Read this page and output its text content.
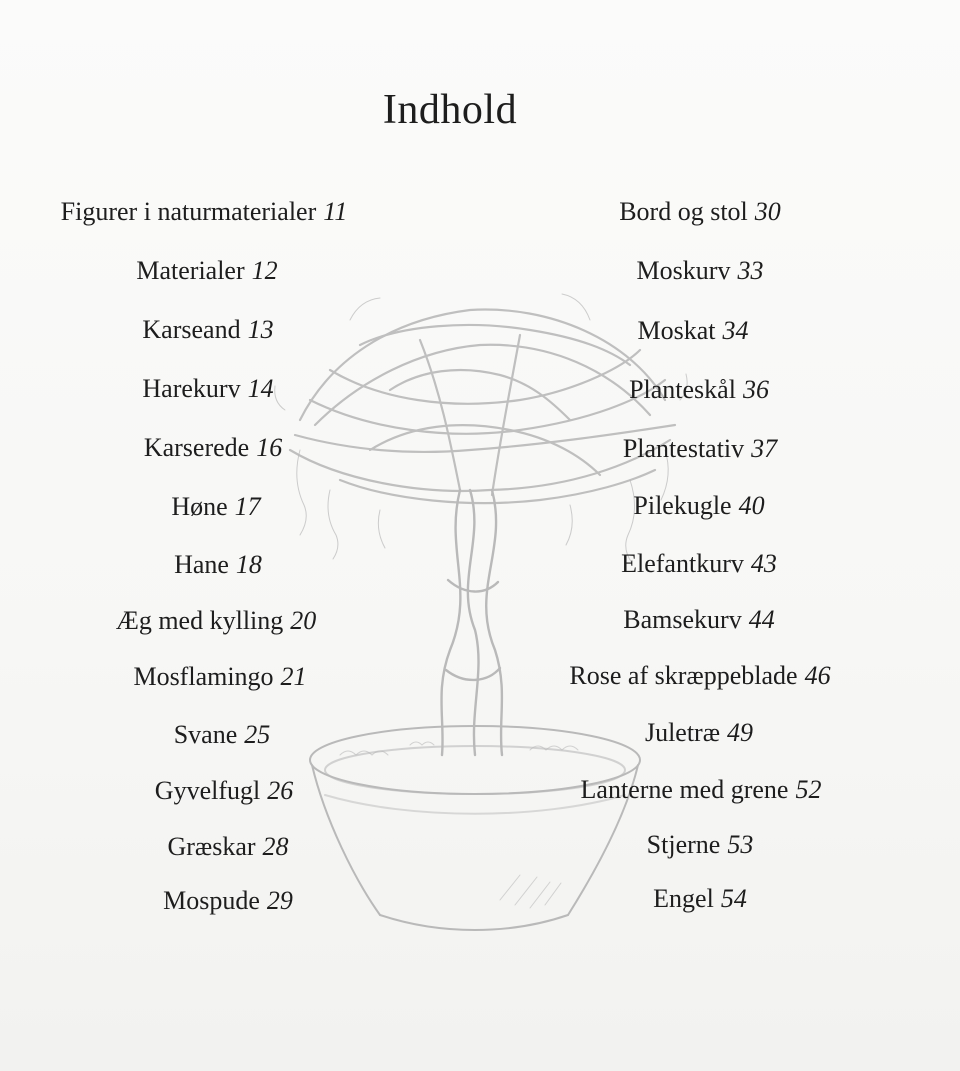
Indhold
Figurer i naturmaterialer 11
Materialer 12
Karseand 13
Harekurv 14
Karserede 16
Høne 17
Hane 18
Æg med kylling 20
Mosflamingo 21
Svane 25
Gyvelfugl 26
Græskar 28
Mospude 29
Bord og stol 30
Moskurv 33
Moskat 34
Planteskål 36
Plantestativ 37
Pilekugle 40
Elefantkurv 43
Bamsekurv 44
Rose af skræppeblade 46
Juletræ 49
Lanterne med grene 52
Stjerne 53
Engel 54
